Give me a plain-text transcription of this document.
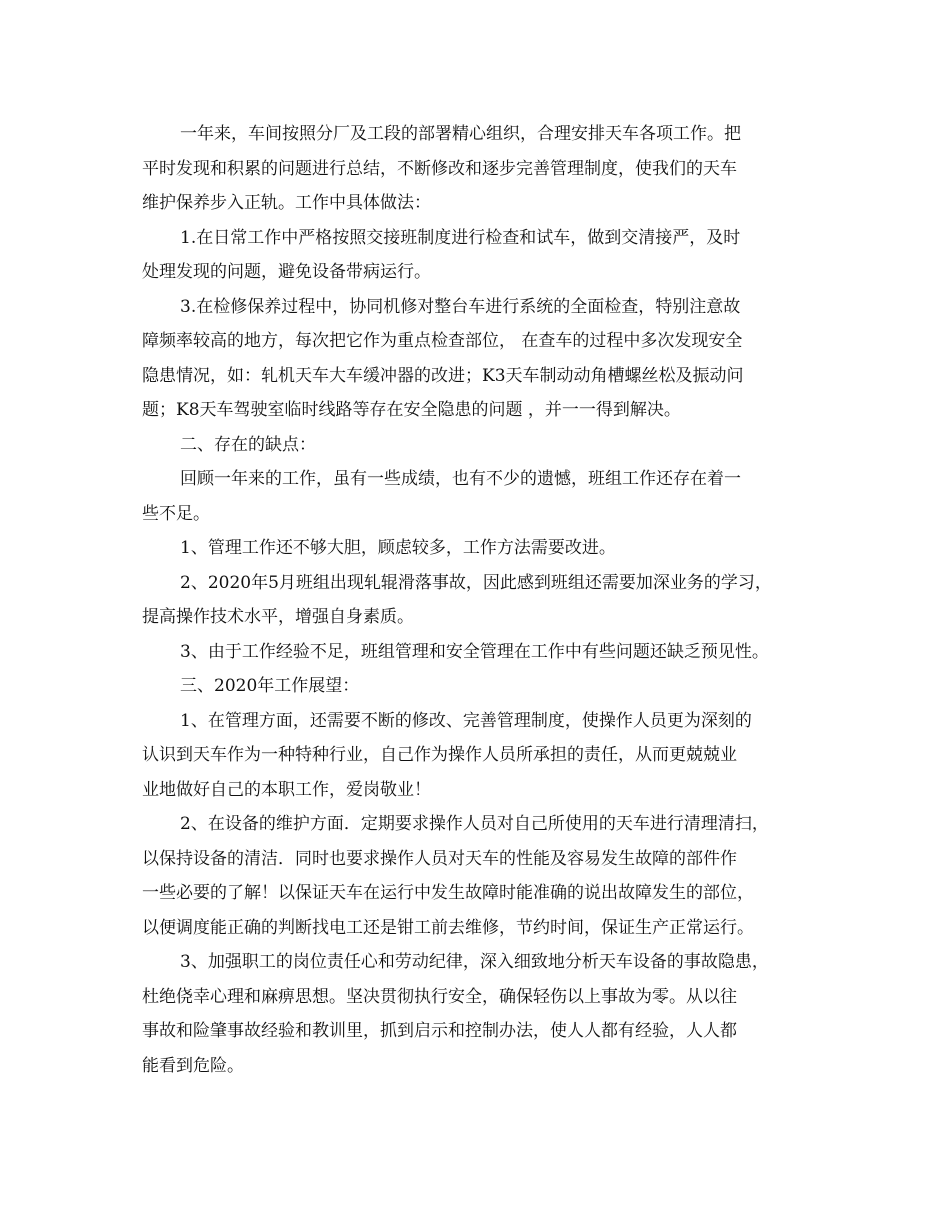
一年来，车间按照分厂及工段的部署精心组织，合理安排天车各项工作。把
平时发现和积累的问题进行总结，不断修改和逐步完善管理制度，使我们的天车
维护保养步入正轨。工作中具体做法：
1.在日常工作中严格按照交接班制度进行检查和试车，做到交清接严，及时
处理发现的问题，避免设备带病运行。
3.在检修保养过程中，协同机修对整台车进行系统的全面检查，特别注意故
障频率较高的地方，每次把它作为重点检查部位， 在查车的过程中多次发现安全
隐患情况，如：轧机天车大车缓冲器的改进；K3天车制动动角槽螺丝松及振动问
题；K8天车驾驶室临时线路等存在安全隐患的问题 ，并一一得到解决。
二、存在的缺点：
回顾一年来的工作，虽有一些成绩，也有不少的遗憾，班组工作还存在着一
些不足。
1、管理工作还不够大胆，顾虑较多，工作方法需要改进。
2、2020年5月班组出现轧辊滑落事故，因此感到班组还需要加深业务的学习，
提高操作技术水平，增强自身素质。
3、由于工作经验不足，班组管理和安全管理在工作中有些问题还缺乏预见性。
三、2020年工作展望：
1、在管理方面，还需要不断的修改、完善管理制度，使操作人员更为深刻的
认识到天车作为一种特种行业，自己作为操作人员所承担的责任，从而更兢兢业
业地做好自己的本职工作，爱岗敬业！
2、在设备的维护方面．定期要求操作人员对自己所使用的天车进行清理清扫，
以保持设备的清洁．同时也要求操作人员对天车的性能及容易发生故障的部件作
一些必要的了解！以保证天车在运行中发生故障时能准确的说出故障发生的部位，
以便调度能正确的判断找电工还是钳工前去维修，节约时间，保证生产正常运行。
3、加强职工的岗位责任心和劳动纪律，深入细致地分析天车设备的事故隐患，
杜绝侥幸心理和麻痹思想。坚决贯彻执行安全，确保轻伤以上事故为零。从以往
事故和险肇事故经验和教训里，抓到启示和控制办法，使人人都有经验，人人都
能看到危险。
